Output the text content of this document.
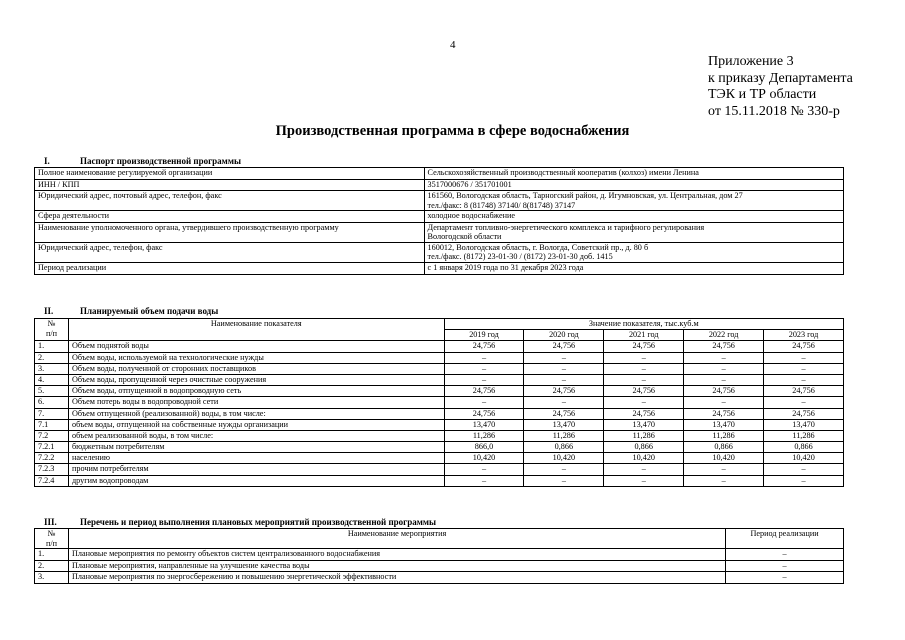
4
Приложение 3
к приказу Департамента
ТЭК и ТР области
от 15.11.2018 № 330-р
Производственная программа в сфере водоснабжения
I.	Паспорт производственной программы
Полное наименование регулируемой организации	Сельскохозяйственный производственный кооператив (колхоз) имени Ленина

ИНН / КПП	3517000676 / 351701001

Юридический адрес, почтовый адрес, телефон, факс	161560, Вологодская область, Тарногский район, д. Игумновская, ул. Центральная, дом 27
тел./факс: 8 (81748) 37140/ 8(81748) 37147

Сфера деятельности	холодное водоснабжение

Наименование уполномоченного органа, утвердившего производственную программу	Департамент топливно-энергетического комплекса и тарифного регулирования
Вологодской области

Юридический адрес, телефон, факс	160012, Вологодская область, г. Вологда, Советский пр., д. 80 б
тел./факс. (8172) 23-01-30 / (8172) 23-01-30 доб. 1415

Период реализации	с 1 января 2019 года по 31 декабря 2023 года
II.	Планируемый объем подачи воды
№
п/п	Наименование показателя	Значение показателя, тыс.куб.м				
		2019 год	2020 год	2021 год	2022 год	2023 год
1.	Объем поднятой воды	24,756	24,756	24,756	24,756	24,756
2.	Объем воды, используемой на технологические нужды	–	–	–	–	–
3.	Объем воды, полученной от сторонних поставщиков	–	–	–	–	–
4.	Объем воды, пропущенной через очистные сооружения	–	–	–	–	–
5.	Объем воды, отпущенной в водопроводную сеть	24,756	24,756	24,756	24,756	24,756
6.	Объем потерь воды в водопроводной сети	–	–	–	–	–
7.	Объем отпущенной (реализованной) воды, в том числе:	24,756	24,756	24,756	24,756	24,756
7.1	объем воды, отпущенной на собственные нужды организации	13,470	13,470	13,470	13,470	13,470
7.2	объем реализованной воды, в том числе:	11,286	11,286	11,286	11,286	11,286
7.2.1	бюджетным потребителям	866,0	0,866	0,866	0,866	0,866
7.2.2	населению	10,420	10,420	10,420	10,420	10,420
7.2.3	прочим потребителям	–	–	–	–	–
7.2.4	другим водопроводам	–	–	–	–	–
III.	Перечень и период выполнения плановых мероприятий производственной программы
№
п/п	Наименование мероприятия	Период реализации
1.	Плановые мероприятия по ремонту объектов систем централизованного водоснабжения	–
2.	Плановые мероприятия, направленные на улучшение качества воды	–
3.	Плановые мероприятия по энергосбережению и повышению энергетической эффективности	–
